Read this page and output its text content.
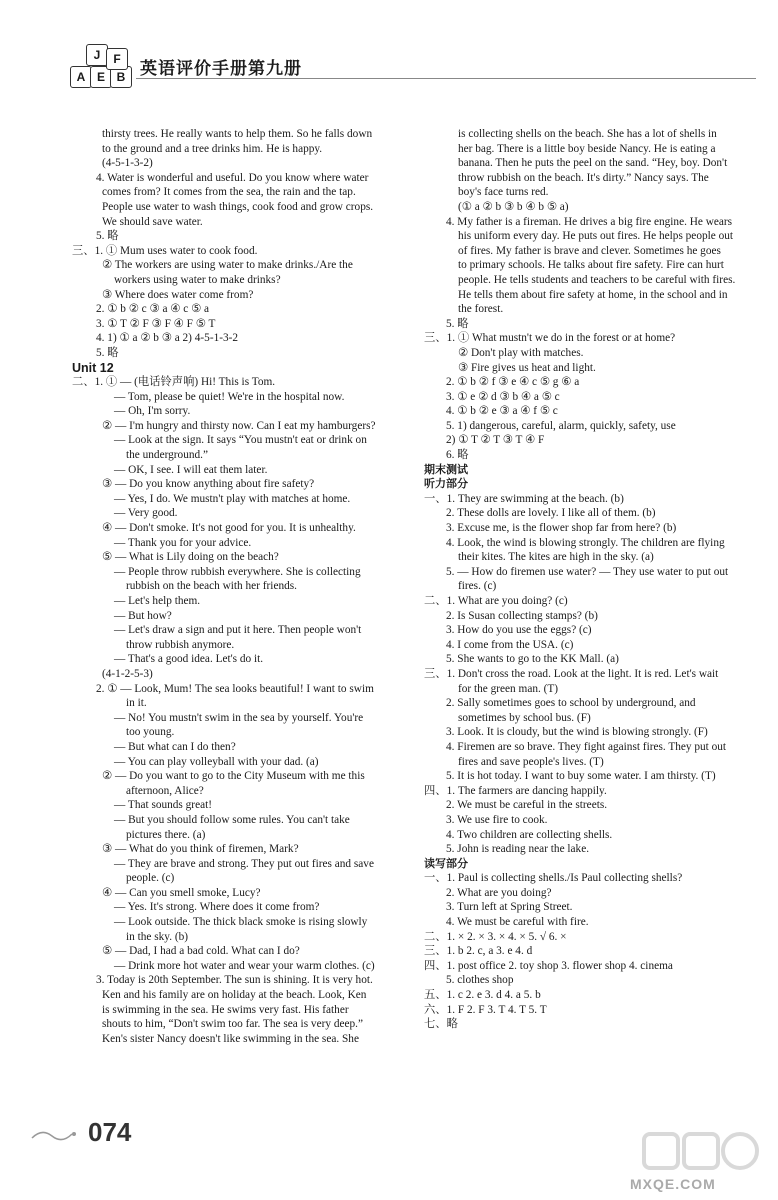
J
A E B
F	英语评价手册第九册
thirsty trees. He really wants to help them. So he falls down
to the ground and a tree drinks him. He is happy.
(4-5-1-3-2)
4. Water is wonderful and useful. Do you know where water
comes from? It comes from the sea, the rain and the tap.
People use water to wash things, cook food and grow crops.
We should save water.
5. 略
三、1. ① Mum uses water to cook food.
② The workers are using water to make drinks./Are the
workers using water to make drinks?
③ Where does water come from?
2. ① b ② c ③ a ④ c ⑤ a
3. ① T ② F ③ F ④ F ⑤ T
4. 1) ① a ② b ③ a 2) 4-5-1-3-2
5. 略
Unit 12
二、1. ① — (电话铃声响) Hi! This is Tom.
— Tom, please be quiet! We're in the hospital now.
— Oh, I'm sorry.
② — I'm hungry and thirsty now. Can I eat my hamburgers?
— Look at the sign. It says “You mustn't eat or drink on
the underground.”
— OK, I see. I will eat them later.
③ — Do you know anything about fire safety?
— Yes, I do. We mustn't play with matches at home.
— Very good.
④ — Don't smoke. It's not good for you. It is unhealthy.
— Thank you for your advice.
⑤ — What is Lily doing on the beach?
— People throw rubbish everywhere. She is collecting
rubbish on the beach with her friends.
— Let's help them.
— But how?
— Let's draw a sign and put it here. Then people won't
throw rubbish anymore.
— That's a good idea. Let's do it.
(4-1-2-5-3)
2. ① — Look, Mum! The sea looks beautiful! I want to swim
in it.
— No! You mustn't swim in the sea by yourself. You're
too young.
— But what can I do then?
— You can play volleyball with your dad. (a)
② — Do you want to go to the City Museum with me this
afternoon, Alice?
— That sounds great!
— But you should follow some rules. You can't take
pictures there. (a)
③ — What do you think of firemen, Mark?
— They are brave and strong. They put out fires and save
people. (c)
④ — Can you smell smoke, Lucy?
— Yes. It's strong. Where does it come from?
— Look outside. The thick black smoke is rising slowly
in the sky. (b)
⑤ — Dad, I had a bad cold. What can I do?
— Drink more hot water and wear your warm clothes. (c)
3. Today is 20th September. The sun is shining. It is very hot.
Ken and his family are on holiday at the beach. Look, Ken
is swimming in the sea. He swims very fast. His father
shouts to him, “Don't swim too far. The sea is very deep.”
Ken's sister Nancy doesn't like swimming in the sea. She
is collecting shells on the beach. She has a lot of shells in
her bag. There is a little boy beside Nancy. He is eating a
banana. Then he puts the peel on the sand. “Hey, boy. Don't
throw rubbish on the beach. It's dirty.” Nancy says. The
boy's face turns red.
(① a ② b ③ b ④ b ⑤ a)
4. My father is a fireman. He drives a big fire engine. He wears
his uniform every day. He puts out fires. He helps people out
of fires. My father is brave and clever. Sometimes he goes
to primary schools. He talks about fire safety. Fire can hurt
people. He tells students and teachers to be careful with fires.
He tells them about fire safety at home, in the school and in
the forest.
5. 略
三、1. ① What mustn't we do in the forest or at home?
② Don't play with matches.
③ Fire gives us heat and light.
2. ① b ② f ③ e ④ c ⑤ g ⑥ a
3. ① e ② d ③ b ④ a ⑤ c
4. ① b ② e ③ a ④ f ⑤ c
5. 1) dangerous, careful, alarm, quickly, safety, use
2) ① T ② T ③ T ④ F
6. 略
期末测试
听力部分
一、1. They are swimming at the beach. (b)
2. These dolls are lovely. I like all of them. (b)
3. Excuse me, is the flower shop far from here? (b)
4. Look, the wind is blowing strongly. The children are flying
their kites. The kites are high in the sky. (a)
5. — How do firemen use water? — They use water to put out
fires. (c)
二、1. What are you doing? (c)
2. Is Susan collecting stamps? (b)
3. How do you use the eggs? (c)
4. I come from the USA. (c)
5. She wants to go to the KK Mall. (a)
三、1. Don't cross the road. Look at the light. It is red. Let's wait
for the green man. (T)
2. Sally sometimes goes to school by underground, and
sometimes by school bus. (F)
3. Look. It is cloudy, but the wind is blowing strongly. (F)
4. Firemen are so brave. They fight against fires. They put out
fires and save people's lives. (T)
5. It is hot today. I want to buy some water. I am thirsty. (T)
四、1. The farmers are dancing happily.
2. We must be careful in the streets.
3. We use fire to cook.
4. Two children are collecting shells.
5. John is reading near the lake.
读写部分
一、1. Paul is collecting shells./Is Paul collecting shells?
2. What are you doing?
3. Turn left at Spring Street.
4. We must be careful with fire.
二、1. × 2. × 3. × 4. × 5. √ 6. ×
三、1. b 2. c, a 3. e 4. d
四、1. post office 2. toy shop 3. flower shop 4. cinema
5. clothes shop
五、1. c 2. e 3. d 4. a 5. b
六、1. F 2. F 3. T 4. T 5. T
七、略
074
MXQE.COM
